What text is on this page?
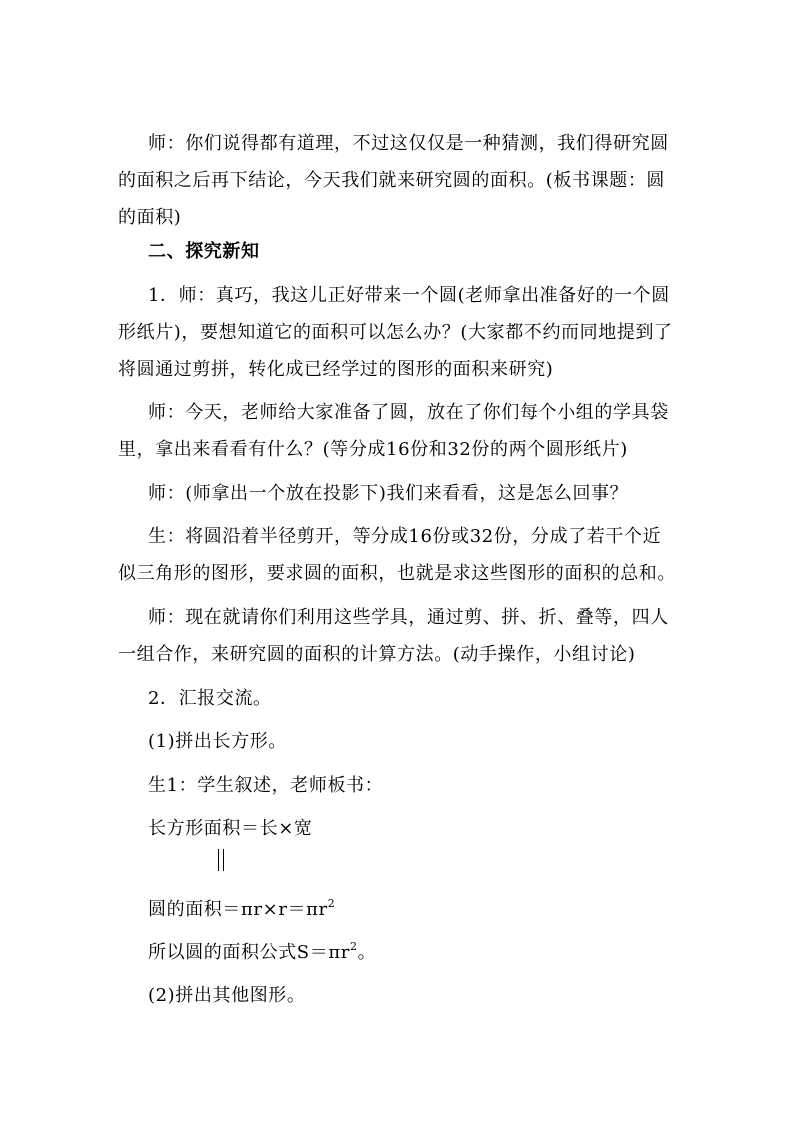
师：你们说得都有道理，不过这仅仅是一种猜测，我们得研究圆
的面积之后再下结论，今天我们就来研究圆的面积。(板书课题：圆
的面积)
二、探究新知
1．师：真巧，我这儿正好带来一个圆(老师拿出准备好的一个圆
形纸片)，要想知道它的面积可以怎么办？(大家都不约而同地提到了
将圆通过剪拼，转化成已经学过的图形的面积来研究)
师：今天，老师给大家准备了圆，放在了你们每个小组的学具袋
里，拿出来看看有什么？(等分成16份和32份的两个圆形纸片)
师：(师拿出一个放在投影下)我们来看看，这是怎么回事？
生：将圆沿着半径剪开，等分成16份或32份，分成了若干个近
似三角形的图形，要求圆的面积，也就是求这些图形的面积的总和。
师：现在就请你们利用这些学具，通过剪、拼、折、叠等，四人
一组合作，来研究圆的面积的计算方法。(动手操作，小组讨论)
2．汇报交流。
(1)拼出长方形。
生1：学生叙述，老师板书：
长方形面积＝长×宽
圆的面积$=\pi r\times r=\pi r^2$
所以圆的面积公式$S=\pi r^2$。
(2)拼出其他图形。
